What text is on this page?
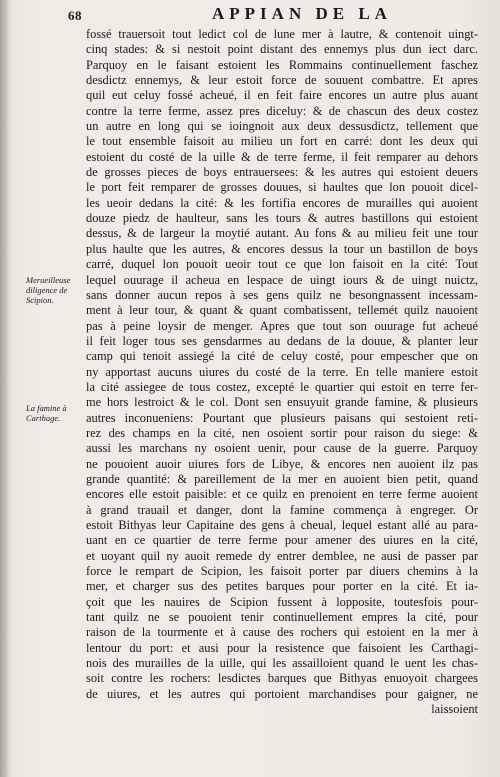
68	APPIAN DE LA
Merueilleuse diligence de Scipion.
La famine à Carthage.
fossé trauersoit tout ledict col de lune mer à lautre, & contenoit uingt-
cinq stades: & si nestoit point distant des ennemys plus dun iect darc.
Parquoy en le faisant estoient les Rommains continuellement faschez
desdictz ennemys, & leur estoit force de souuent combattre. Et apres
quil eut celuy fossé acheué, il en feit faire encores un autre plus auant
contre la terre ferme, assez pres diceluy: & de chascun des deux costez
un autre en long qui se ioingnoit aux deux dessusdictz, tellement que
le tout ensemble faisoit au milieu un fort en carré: dont les deux qui
estoient du costé de la uille & de terre ferme, il feit remparer au dehors
de grosses pieces de boys entrauersees: & les autres qui estoient deuers
le port feit remparer de grosses douues, si haultes que lon pouoit dicel-
les ueoir dedans la cité: & les fortifia encores de murailles qui auoient
douze piedz de haulteur, sans les tours & autres bastillons qui estoient
dessus, & de largeur la moytié autant. Au fons & au milieu feit une tour
plus haulte que les autres, & encores dessus la tour un bastillon de boys
carré, duquel lon pouoit ueoir tout ce que lon faisoit en la cité: Tout
lequel ouurage il acheua en lespace de uingt iours & de uingt nuictz,
sans donner aucun repos à ses gens quilz ne besongnassent incessam-
ment à leur tour, & quant & quant combatissent, tellemét quilz nauoient
pas à peine loysir de menger. Apres que tout son ouurage fut acheué
il feit loger tous ses gensdarmes au dedans de la douue, & planter leur
camp qui tenoit assiegé la cité de celuy costé, pour empescher que on
ny apportast aucuns uiures du costé de la terre. En telle maniere estoit
la cité assiegee de tous costez, excepté le quartier qui estoit en terre fer-
me hors lestroict & le col. Dont sen ensuyuit grande famine, & plusieurs
autres inconueniens: Pourtant que plusieurs paisans qui sestoient reti-
rez des champs en la cité, nen osoient sortir pour raison du siege: &
aussi les marchans ny osoient uenir, pour cause de la guerre. Parquoy
ne pouoient auoir uiures fors de Libye, & encores nen auoient ilz pas
grande quantité: & pareillement de la mer en auoient bien petit, quand
encores elle estoit paisible: et ce quilz en prenoient en terre ferme auoient
à grand trauail et danger, dont la famine commença à engreger. Or
estoit Bithyas leur Capitaine des gens à cheual, lequel estant allé au para-
uant en ce quartier de terre ferme pour amener des uiures en la cité,
et uoyant quil ny auoit remede dy entrer demblee, ne ausi de passer par
force le rempart de Scipion, les faisoit porter par diuers chemins à la
mer, et charger sus des petites barques pour porter en la cité. Et ia-
çoit que les nauires de Scipion fussent à loppos​ite, toutesfois pour-
tant quilz ne se pouoient tenir continuellement empres la cité, pour
raison de la tourmente et à cause des rochers qui estoient en la mer à
lentour du port: et ausi pour la resistence que faisoient les Carthagi-
nois des murailles de la uille, qui les assailloient quand le uent les chas-
soit contre les rochers: lesdictes barques que Bithyas enuoyoit chargees
de uiures, et les autres qui portoient marchandises pour gaigner, ne
laissoient
